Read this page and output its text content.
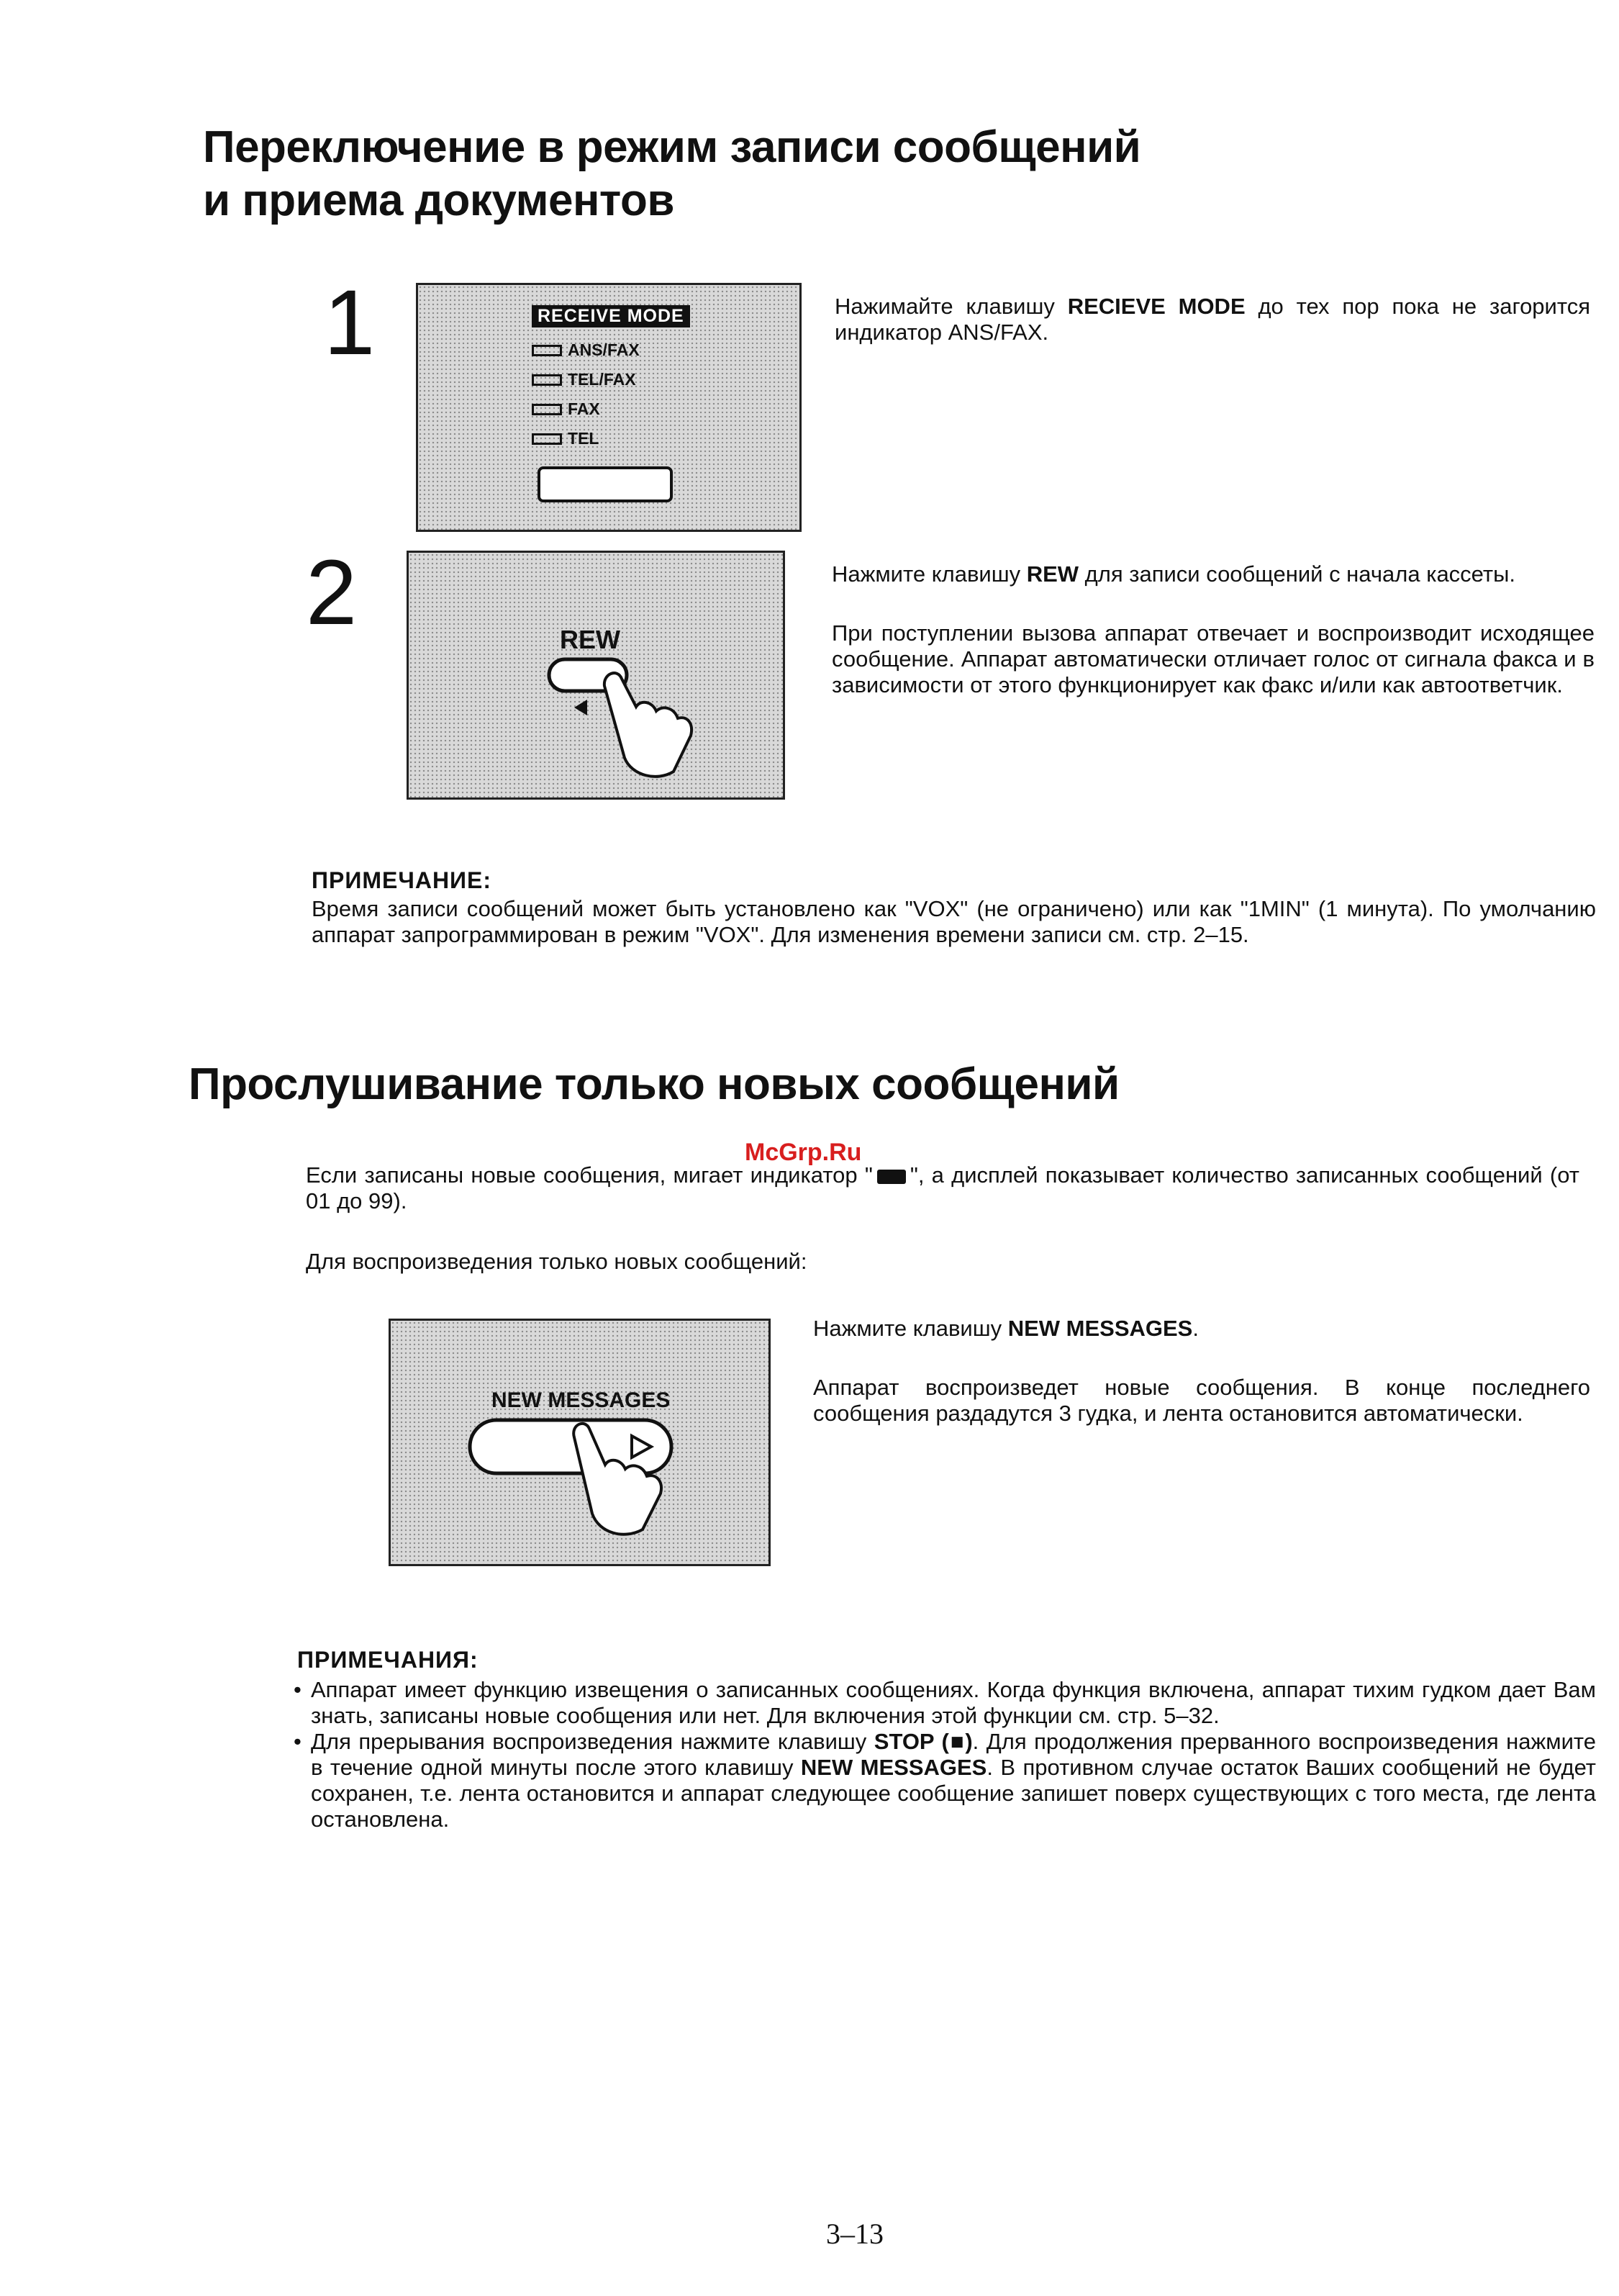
Переключение в режим записи сообщений
и приема документов
1	RECEIVE MODE
ANS/FAX
TEL/FAX
FAX
TEL
Нажимайте клавишу RECIEVE MODE до тех пор пока не загорится индикатор ANS/FAX.
2	REW
Нажмите клавишу REW для записи сообщений с начала кассеты.
При поступлении вызова аппарат отвечает и воспроизводит исходящее сообщение. Аппарат автоматически отличает голос от сигнала факса и в зависимости от этого функционирует как факс и/или как автоответчик.
ПРИМЕЧАНИЕ:
Время записи сообщений может быть установлено как "VOX" (не ограничено) или как "1MIN" (1 минута). По умолчанию аппарат запрограммирован в режим "VOX". Для изменения времени записи см. стр. 2–15.
Прослушивание только новых сообщений
McGrp.Ru
Если записаны новые сообщения, мигает индикатор " ", а дисплей показывает количество записанных сообщений (от 01 до 99).
Для воспроизведения только новых сообщений:
NEW MESSAGES
Нажмите клавишу NEW MESSAGES.
Аппарат воспроизведет новые сообщения. В конце последнего сообщения раздадутся 3 гудка, и лента остановится автоматически.
ПРИМЕЧАНИЯ:
• Аппарат имеет функцию извещения о записанных сообщениях. Когда функция включена, аппарат тихим гудком дает Вам знать, записаны новые сообщения или нет. Для включения этой функции см. стр. 5–32.
• Для прерывания воспроизведения нажмите клавишу STOP (■). Для продолжения прерванного воспроизведения нажмите в течение одной минуты после этого клавишу NEW MESSAGES. В противном случае остаток Ваших сообщений не будет сохранен, т.е. лента остановится и аппарат следующее сообщение запишет поверх существующих с того места, где лента остановлена.
3–13
